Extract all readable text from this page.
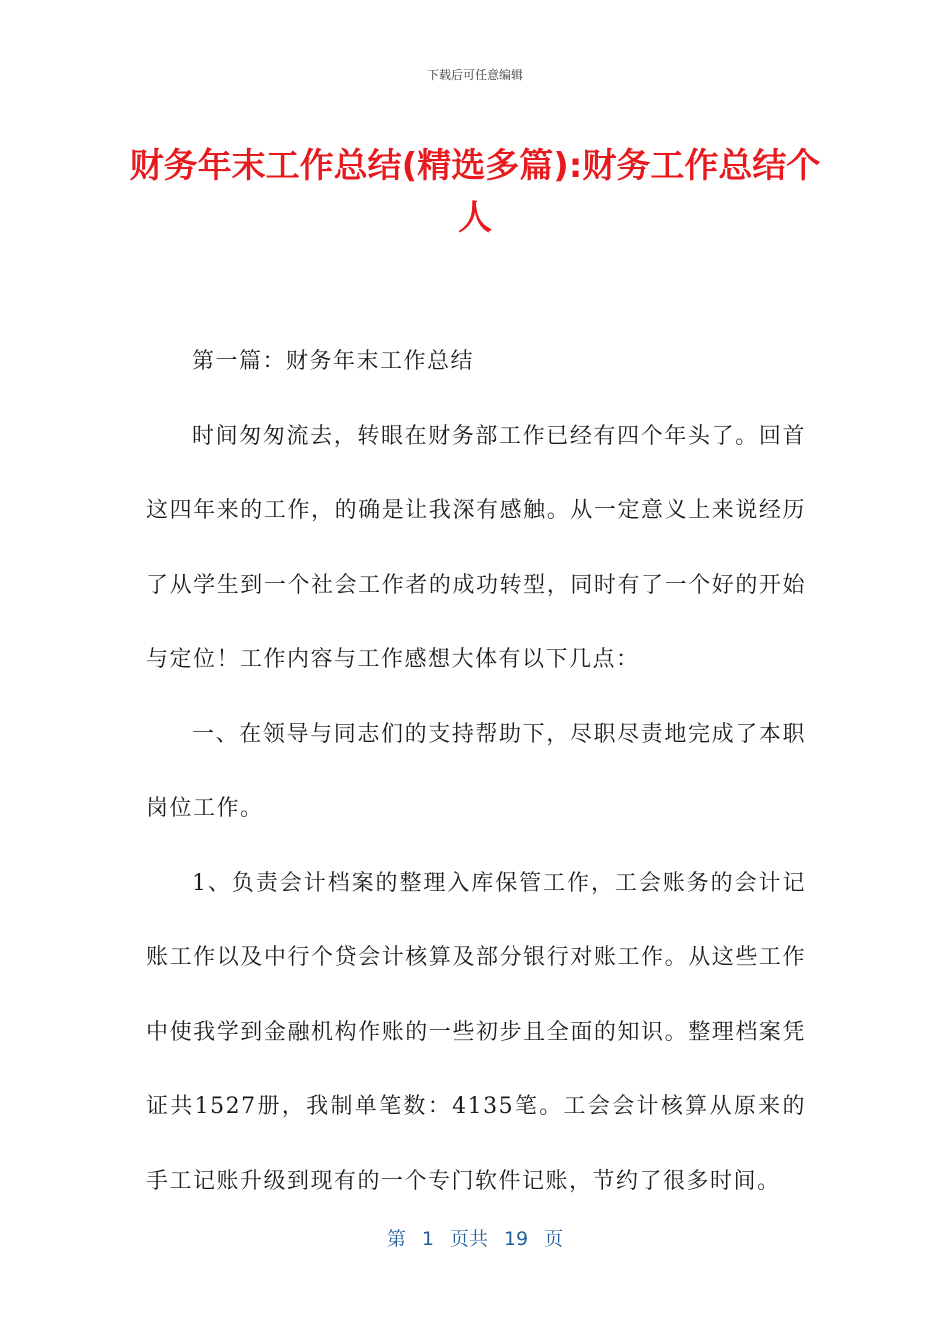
下载后可任意编辑
财务年末工作总结(精选多篇):财务工作总结个人

第一篇：财务年末工作总结

时间匆匆流去，转眼在财务部工作已经有四个年头了。回首这四年来的工作，的确是让我深有感触。从一定意义上来说经历了从学生到一个社会工作者的成功转型，同时有了一个好的开始与定位！工作内容与工作感想大体有以下几点：

一、在领导与同志们的支持帮助下，尽职尽责地完成了本职岗位工作。

1、负责会计档案的整理入库保管工作，工会账务的会计记账工作以及中行个贷会计核算及部分银行对账工作。从这些工作中使我学到金融机构作账的一些初步且全面的知识。整理档案凭证共1527册，我制单笔数：4135笔。工会会计核算从原来的手工记账升级到现有的一个专门软件记账，节约了很多时间。

第 1 页共 19 页
